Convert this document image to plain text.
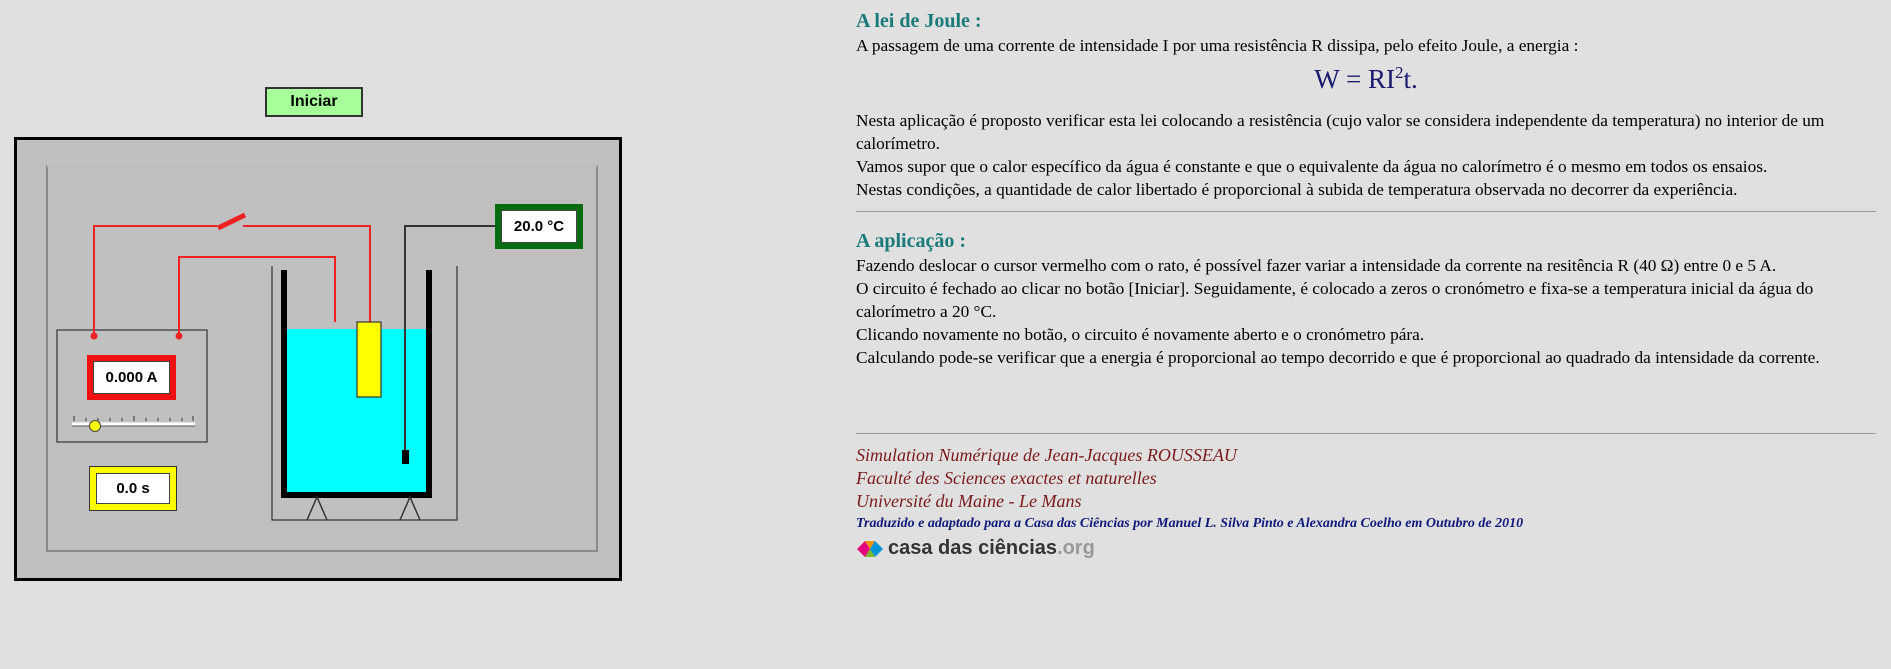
Iniciar
20.0 °C
0.000 A
0.0 s
A lei de Joule :

A passagem de uma corrente de intensidade I por uma resistência R dissipa, pelo efeito Joule, a energia :

$W = RI^2t$.

Nesta aplicação é proposto verificar esta lei colocando a resistência (cujo valor se considera independente da temperatura) no interior de um calorímetro.

Vamos supor que o calor específico da água é constante e que o equivalente da água no calorímetro é o mesmo em todos os ensaios.

Nestas condições, a quantidade de calor libertado é proporcional à subida de temperatura observada no decorrer da experiência.

A aplicação :

Fazendo deslocar o cursor vermelho com o rato, é possível fazer variar a intensidade da corrente na resitência R (40 Ω) entre 0 e 5 A.

O circuito é fechado ao clicar no botão [Iniciar]. Seguidamente, é colocado a zeros o cronómetro e fixa-se a temperatura inicial da água do calorímetro a 20 °C.

Clicando novamente no botão, o circuito é novamente aberto e o cronómetro pára.

Calculando pode-se verificar que a energia é proporcional ao tempo decorrido e que é proporcional ao quadrado da intensidade da corrente.

Simulation Numérique de Jean-Jacques ROUSSEAU
Faculté des Sciences exactes et naturelles
Université du Maine - Le Mans
Traduzido e adaptado para a Casa das Ciências por Manuel L. Silva Pinto e Alexandra Coelho em Outubro de 2010
casa das ciências.org
